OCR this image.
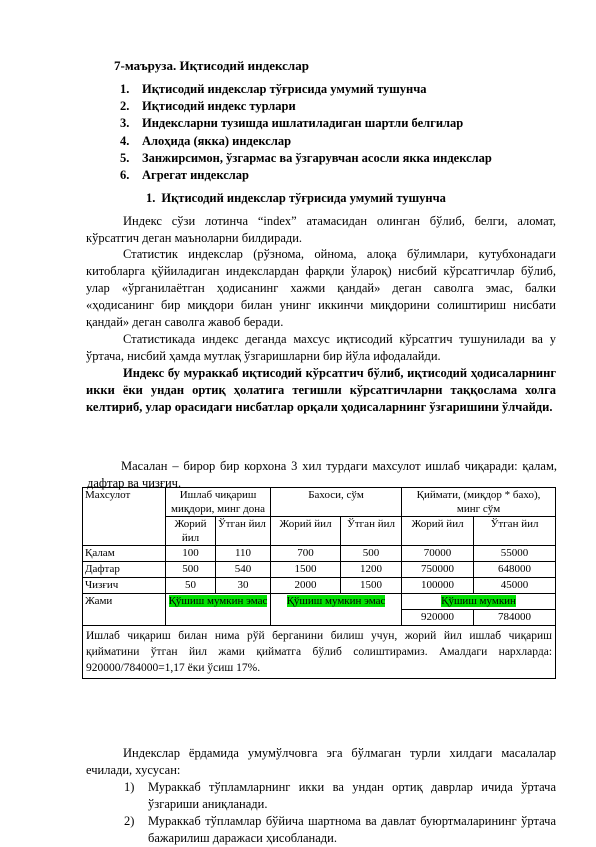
7-маъруза. Иқтисодий индекслар
1. Иқтисодий индекслар тўғрисида умумий тушунча
2. Иқтисодий индекс турлари
3. Индексларни тузишда ишлатиладиган шартли белгилар
4. Алоҳида (якка) индекслар
5. Занжирсимон, ўзгармас ва ўзгарувчан асосли якка индекслар
6. Агрегат индекслар
1. Иқтисодий индекслар тўғрисида умумий тушунча

Индекс сўзи лотинча “index” атамасидан олинган бўлиб, белги, аломат, кўрсатгич деган маъноларни билдиради.

Статистик индекслар (рўзнома, ойнома, алоқа бўлимлари, кутубхонадаги китобларга қўйиладиган индекслардан фарқли ўлароқ) нисбий кўрсатгичлар бўлиб, улар «ўрганилаётган ҳодисанинг хажми қандай» деган саволга эмас, балки «ҳодисанинг бир миқдори билан унинг иккинчи миқдорини солиштириш нисбати қандай» деган саволга жавоб беради.

Статистикада индекс деганда махсус иқтисодий кўрсатгич тушунилади ва у ўртача, нисбий ҳамда мутлақ ўзгаришларни бир йўла ифодалайди.

Индекс бу мураккаб иқтисодий кўрсатгич бўлиб, иқтисодий ҳодисаларнинг икки ёки ундан ортиқ ҳолатига тегишли кўрсатгичларни таққослама холга келтириб, улар орасидаги нисбатлар орқали ҳодисаларнинг ўзгаришини ўлчайди.

Масалан – бирор бир корхона 3 хил турдаги махсулот ишлаб чиқаради: қалам, дафтар ва чизғич.

Махсулот	Ишлаб чиқариш миқдори, минг дона		Бахоси, сўм		Қиймати, (миқдор * бахо), минг сўм	
	Жорий йил	Ўтган йил	Жорий йил	Ўтган йил	Жорий йил	Ўтган йил
Қалам	100	110	700	500	70000	55000
Дафтар	500	540	1500	1200	750000	648000
Чизғич	50	30	2000	1500	100000	45000
Жами	Қўшиш мумкин эмас		Қўшиш мумкин эмас		Қўшиш мумкин	
					920000	784000
Ишлаб чиқариш билан нима рўй берганини билиш учун, жорий йил ишлаб чиқариш қийматини ўтган йил жами қийматга бўлиб солиштирамиз. Амалдаги нархларда: 920000/784000=1,17 ёки ўсиш 17%.						

Индекслар ёрдамида умумўлчовга эга бўлмаган турли хилдаги масалалар ечилади, хусусан:

1) Мураккаб тўпламларнинг икки ва ундан ортиқ даврлар ичида ўртача ўзгариши аниқланади.
2) Мураккаб тўпламлар бўйича шартнома ва давлат буюртмаларининг ўртача бажарилиш даражаси ҳисобланади.
